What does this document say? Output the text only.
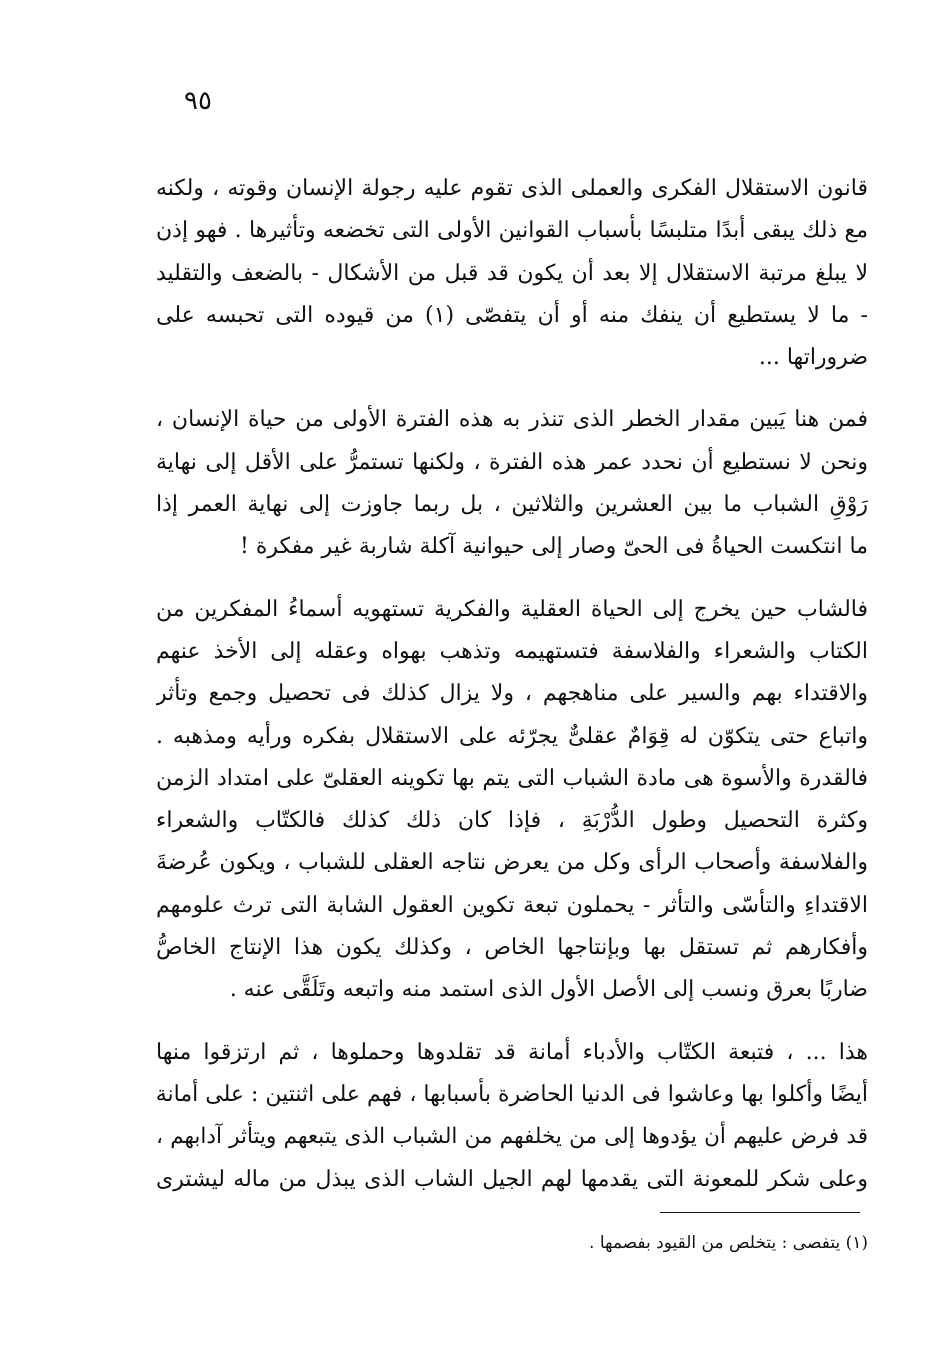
٩٥

قانون الاستقلال الفكرى والعملى الذى تقوم عليه رجولة الإنسان وقوته ، ولكنه
مع ذلك يبقى أبدًا متلبسًا بأسباب القوانين الأولى التى تخضعه وتأثيرها . فهو إذن
لا يبلغ مرتبة الاستقلال إلا بعد أن يكون قد قبل من الأشكال - بالضعف والتقليد
- ما لا يستطيع أن ينفك منه أو أن يتفصّى (١) من قيوده التى تحبسه على
ضروراتها ...

فمن هنا يَبين مقدار الخطر الذى تنذر به هذه الفترة الأولى من حياة الإنسان ،
ونحن لا نستطيع أن نحدد عمر هذه الفترة ، ولكنها تستمرُّ على الأقل إلى نهاية
رَوْقِ الشباب ما بين العشرين والثلاثين ، بل ربما جاوزت إلى نهاية العمر إذا
ما انتكست الحياةُ فى الحىّ وصار إلى حيوانية آكلة شاربة غير مفكرة !

فالشاب حين يخرج إلى الحياة العقلية والفكرية تستهويه أسماءُ المفكرين من
الكتاب والشعراء والفلاسفة فتستهيمه وتذهب بهواه وعقله إلى الأخذ عنهم
والاقتداء بهم والسير على مناهجهم ، ولا يزال كذلك فى تحصيل وجمع وتأثر
واتباع حتى يتكوّن له قِوَامٌ عقلىٌّ يجرّئه على الاستقلال بفكره ورأيه ومذهبه .
فالقدرة والأسوة هى مادة الشباب التى يتم بها تكوينه العقلىّ على امتداد الزمن
وكثرة التحصيل وطول الدُّرْبَةِ ، فإذا كان ذلك كذلك فالكتّاب والشعراء
والفلاسفة وأصحاب الرأى وكل من يعرض نتاجه العقلى للشباب ، ويكون عُرضةَ
الاقتداءِ والتأسّى والتأثر - يحملون تبعة تكوين العقول الشابة التى ترث علومهم
وأفكارهم ثم تستقل بها وبإنتاجها الخاص ، وكذلك يكون هذا الإنتاج الخاصُّ
ضاربًا بعرق ونسب إلى الأصل الأول الذى استمد منه واتبعه وتَلَقَّى عنه .

هذا ... ، فتبعة الكتّاب والأدباء أمانة قد تقلدوها وحملوها ، ثم ارتزقوا منها
أيضًا وأكلوا بها وعاشوا فى الدنيا الحاضرة بأسبابها ، فهم على اثنتين : على أمانة
قد فرض عليهم أن يؤدوها إلى من يخلفهم من الشباب الذى يتبعهم ويتأثر آدابهم ،
وعلى شكر للمعونة التى يقدمها لهم الجيل الشاب الذى يبذل من ماله ليشترى

(١) يتفصى : يتخلص من القيود بفصمها .
